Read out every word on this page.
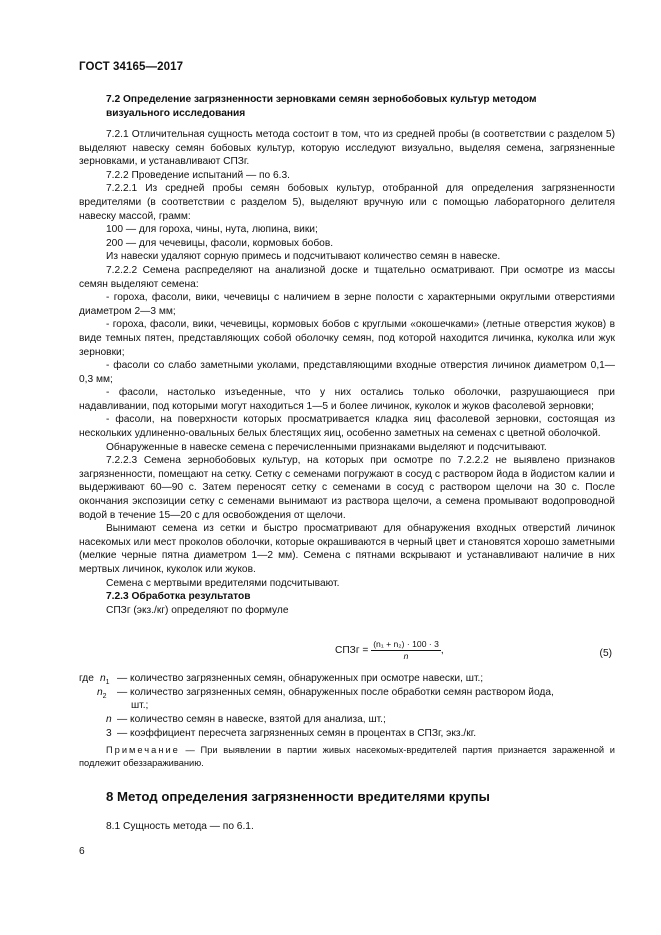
ГОСТ 34165—2017
7.2 Определение загрязненности зерновками семян зернобобовых культур методом
визуального исследования

7.2.1 Отличительная сущность метода состоит в том, что из средней пробы (в соответствии с разделом 5) выделяют навеску семян бобовых культур, которую исследуют визуально, выделяя семена, загрязненные зерновками, и устанавливают СПЗг.

7.2.2 Проведение испытаний — по 6.3.

7.2.2.1 Из средней пробы семян бобовых культур, отобранной для определения загрязненности вредителями (в соответствии с разделом 5), выделяют вручную или с помощью лабораторного делителя навеску массой, грамм:

100 — для гороха, чины, нута, люпина, вики;

200 — для чечевицы, фасоли, кормовых бобов.

Из навески удаляют сорную примесь и подсчитывают количество семян в навеске.

7.2.2.2 Семена распределяют на анализной доске и тщательно осматривают. При осмотре из массы семян выделяют семена:

- гороха, фасоли, вики, чечевицы с наличием в зерне полости с характерными округлыми отверстиями диаметром 2—3 мм;

- гороха, фасоли, вики, чечевицы, кормовых бобов с круглыми «окошечками» (летные отверстия жуков) в виде темных пятен, представляющих собой оболочку семян, под которой находится личинка, куколка или жук зерновки;

- фасоли со слабо заметными уколами, представляющими входные отверстия личинок диаметром 0,1—0,3 мм;

- фасоли, настолько изъеденные, что у них остались только оболочки, разрушающиеся при надавливании, под которыми могут находиться 1—5 и более личинок, куколок и жуков фасолевой зерновки;

- фасоли, на поверхности которых просматривается кладка яиц фасолевой зерновки, состоящая из нескольких удлиненно-овальных белых блестящих яиц, особенно заметных на семенах с цветной оболочкой.

Обнаруженные в навеске семена с перечисленными признаками выделяют и подсчитывают.

7.2.2.3 Семена зернобобовых культур, на которых при осмотре по 7.2.2.2 не выявлено признаков загрязненности, помещают на сетку. Сетку с семенами погружают в сосуд с раствором йода в йодистом калии и выдерживают 60—90 с. Затем переносят сетку с семенами в сосуд с раствором щелочи на 30 с. После окончания экспозиции сетку с семенами вынимают из раствора щелочи, а семена промывают водопроводной водой в течение 15—20 с для освобождения от щелочи.

Вынимают семена из сетки и быстро просматривают для обнаружения входных отверстий личинок насекомых или мест проколов оболочки, которые окрашиваются в черный цвет и становятся хорошо заметными (мелкие черные пятна диаметром 1—2 мм). Семена с пятнами вскрывают и устанавливают наличие в них мертвых личинок, куколок или жуков.

Семена с мертвыми вредителями подсчитывают.

7.2.3 Обработка результатов

СПЗг (экз./кг) определяют по формуле

СПЗг = $\frac{\text{(n₁ + n₂) · 100 · 3}}{n}$ ,	(5)
где $n_1$ — количество загрязненных семян, обнаруженных при осмотре навески, шт.;
$n_2$ — количество загрязненных семян, обнаруженных после обработки семян раствором йода,
шт.;
n — количество семян в навеске, взятой для анализа, шт.;
3 — коэффициент пересчета загрязненных семян в процентах в СПЗг, экз./кг.
Примечание — При выявлении в партии живых насекомых-вредителей партия признается зараженной и подлежит обеззараживанию.
8 Метод определения загрязненности вредителями крупы
8.1 Сущность метода — по 6.1.
6
